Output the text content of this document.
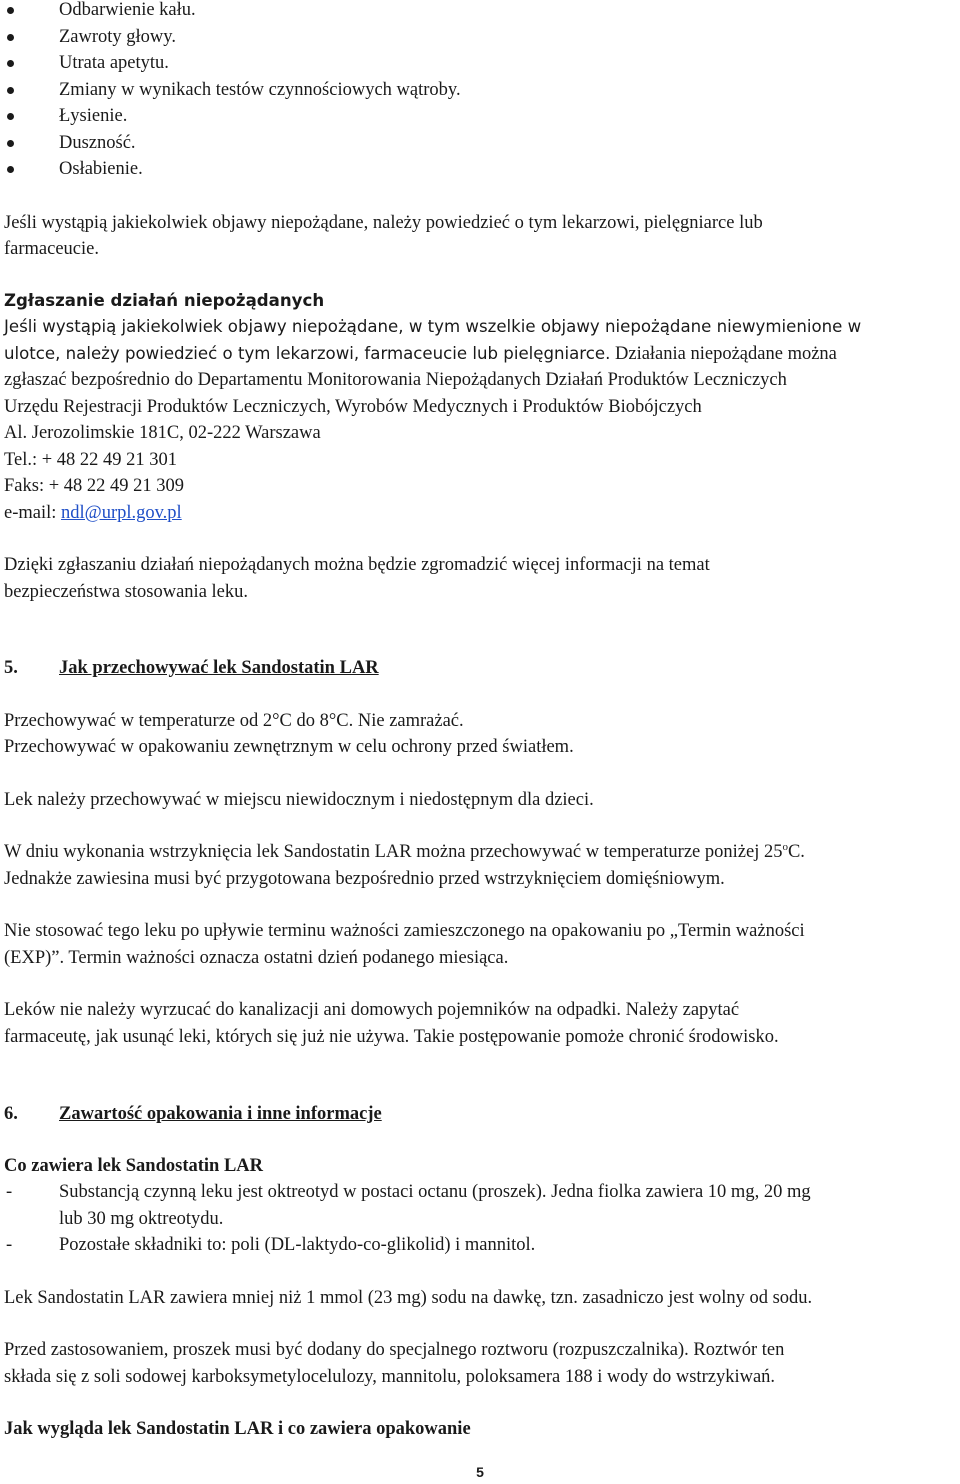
Odbarwienie kału.
Zawroty głowy.
Utrata apetytu.
Zmiany w wynikach testów czynnościowych wątroby.
Łysienie.
Duszność.
Osłabienie.

Jeśli wystąpią jakiekolwiek objawy niepożądane, należy powiedzieć o tym lekarzowi, pielęgniarce lub
farmaceucie.

Zgłaszanie działań niepożądanych
Jeśli wystąpią jakiekolwiek objawy niepożądane, w tym wszelkie objawy niepożądane niewymienione w
ulotce, należy powiedzieć o tym lekarzowi, farmaceucie lub pielęgniarce. Działania niepożądane można
zgłaszać bezpośrednio do Departamentu Monitorowania Niepożądanych Działań Produktów Leczniczych
Urzędu Rejestracji Produktów Leczniczych, Wyrobów Medycznych i Produktów Biobójczych
Al. Jerozolimskie 181C, 02-222 Warszawa
Tel.: + 48 22 49 21 301
Faks: + 48 22 49 21 309
e-mail: ndl@urpl.gov.pl

Dzięki zgłaszaniu działań niepożądanych można będzie zgromadzić więcej informacji na temat
bezpieczeństwa stosowania leku.

5. Jak przechowywać lek Sandostatin LAR

Przechowywać w temperaturze od 2°C do 8°C. Nie zamrażać.
Przechowywać w opakowaniu zewnętrznym w celu ochrony przed światłem.

Lek należy przechowywać w miejscu niewidocznym i niedostępnym dla dzieci.

W dniu wykonania wstrzyknięcia lek Sandostatin LAR można przechowywać w temperaturze poniżej 25$^o$C.
Jednakże zawiesina musi być przygotowana bezpośrednio przed wstrzyknięciem domięśniowym.

Nie stosować tego leku po upływie terminu ważności zamieszczonego na opakowaniu po „Termin ważności
(EXP)”. Termin ważności oznacza ostatni dzień podanego miesiąca.

Leków nie należy wyrzucać do kanalizacji ani domowych pojemników na odpadki. Należy zapytać
farmaceutę, jak usunąć leki, których się już nie używa. Takie postępowanie pomoże chronić środowisko.

6. Zawartość opakowania i inne informacje
Co zawiera lek Sandostatin LAR
-	Substancją czynną leku jest oktreotyd w postaci octanu (proszek). Jedna fiolka zawiera 10 mg, 20 mg
lub 30 mg oktreotydu.
-	Pozostałe składniki to: poli (DL-laktydo-co-glikolid) i mannitol.

Lek Sandostatin LAR zawiera mniej niż 1 mmol (23 mg) sodu na dawkę, tzn. zasadniczo jest wolny od sodu.

Przed zastosowaniem, proszek musi być dodany do specjalnego roztworu (rozpuszczalnika). Roztwór ten
składa się z soli sodowej karboksymetylocelulozy, mannitolu, poloksamera 188 i wody do wstrzykiwań.

Jak wygląda lek Sandostatin LAR i co zawiera opakowanie
5
